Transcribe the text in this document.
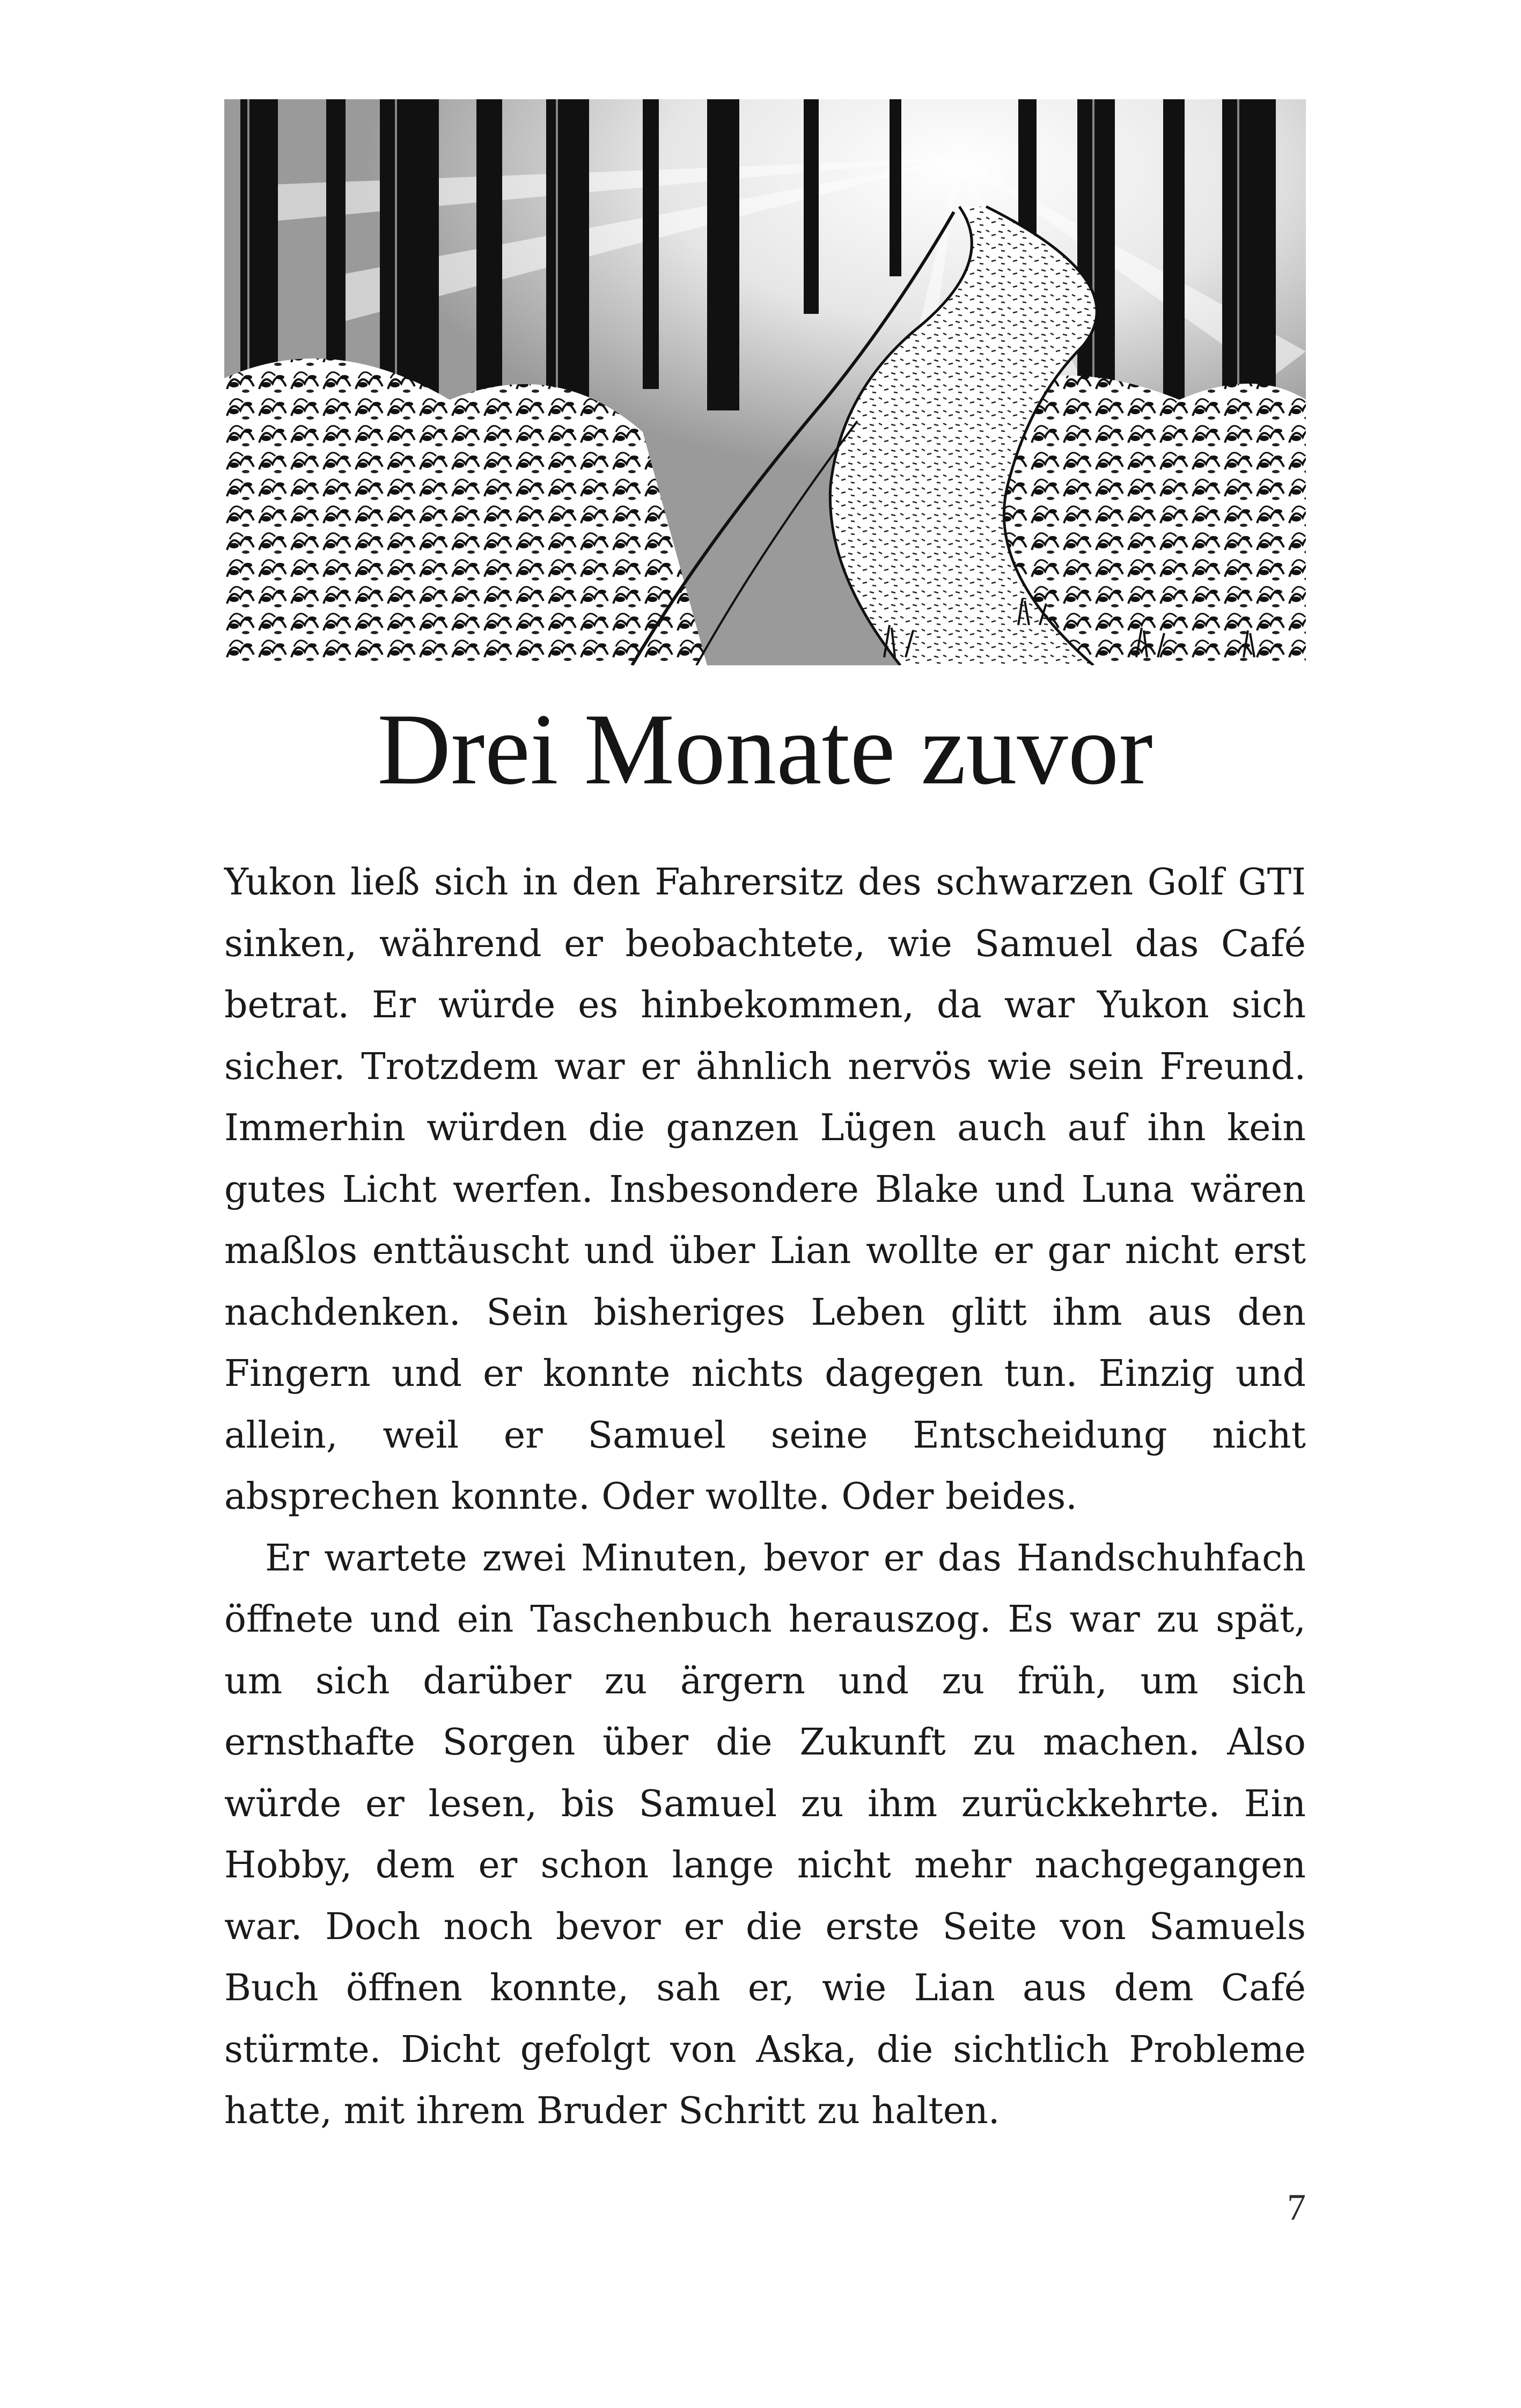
Drei Monate zuvor

Yukon ließ sich in den Fahrersitz des schwarzen Golf GTI sinken, während er beobachtete, wie Samuel das Café betrat. Er würde es hinbekommen, da war Yukon sich sicher. Trotzdem war er ähnlich nervös wie sein Freund. Immerhin würden die ganzen Lügen auch auf ihn kein gutes Licht werfen. Insbesondere Blake und Luna wären maßlos enttäuscht und über Lian wollte er gar nicht erst nachdenken. Sein bisheriges Leben glitt ihm aus den Fingern und er konnte nichts dagegen tun. Einzig und allein, weil er Samuel seine Entscheidung nicht absprechen konnte. Oder wollte. Oder beides.

Er wartete zwei Minuten, bevor er das Handschuhfach öffnete und ein Taschenbuch herauszog. Es war zu spät, um sich darüber zu ärgern und zu früh, um sich ernsthafte Sorgen über die Zukunft zu machen. Also würde er lesen, bis Samuel zu ihm zurückkehrte. Ein Hobby, dem er schon lange nicht mehr nachgegangen war. Doch noch bevor er die erste Seite von Samuels Buch öffnen konnte, sah er, wie Lian aus dem Café stürmte. Dicht gefolgt von Aska, die sichtlich Probleme hatte, mit ihrem Bruder Schritt zu halten.

7
